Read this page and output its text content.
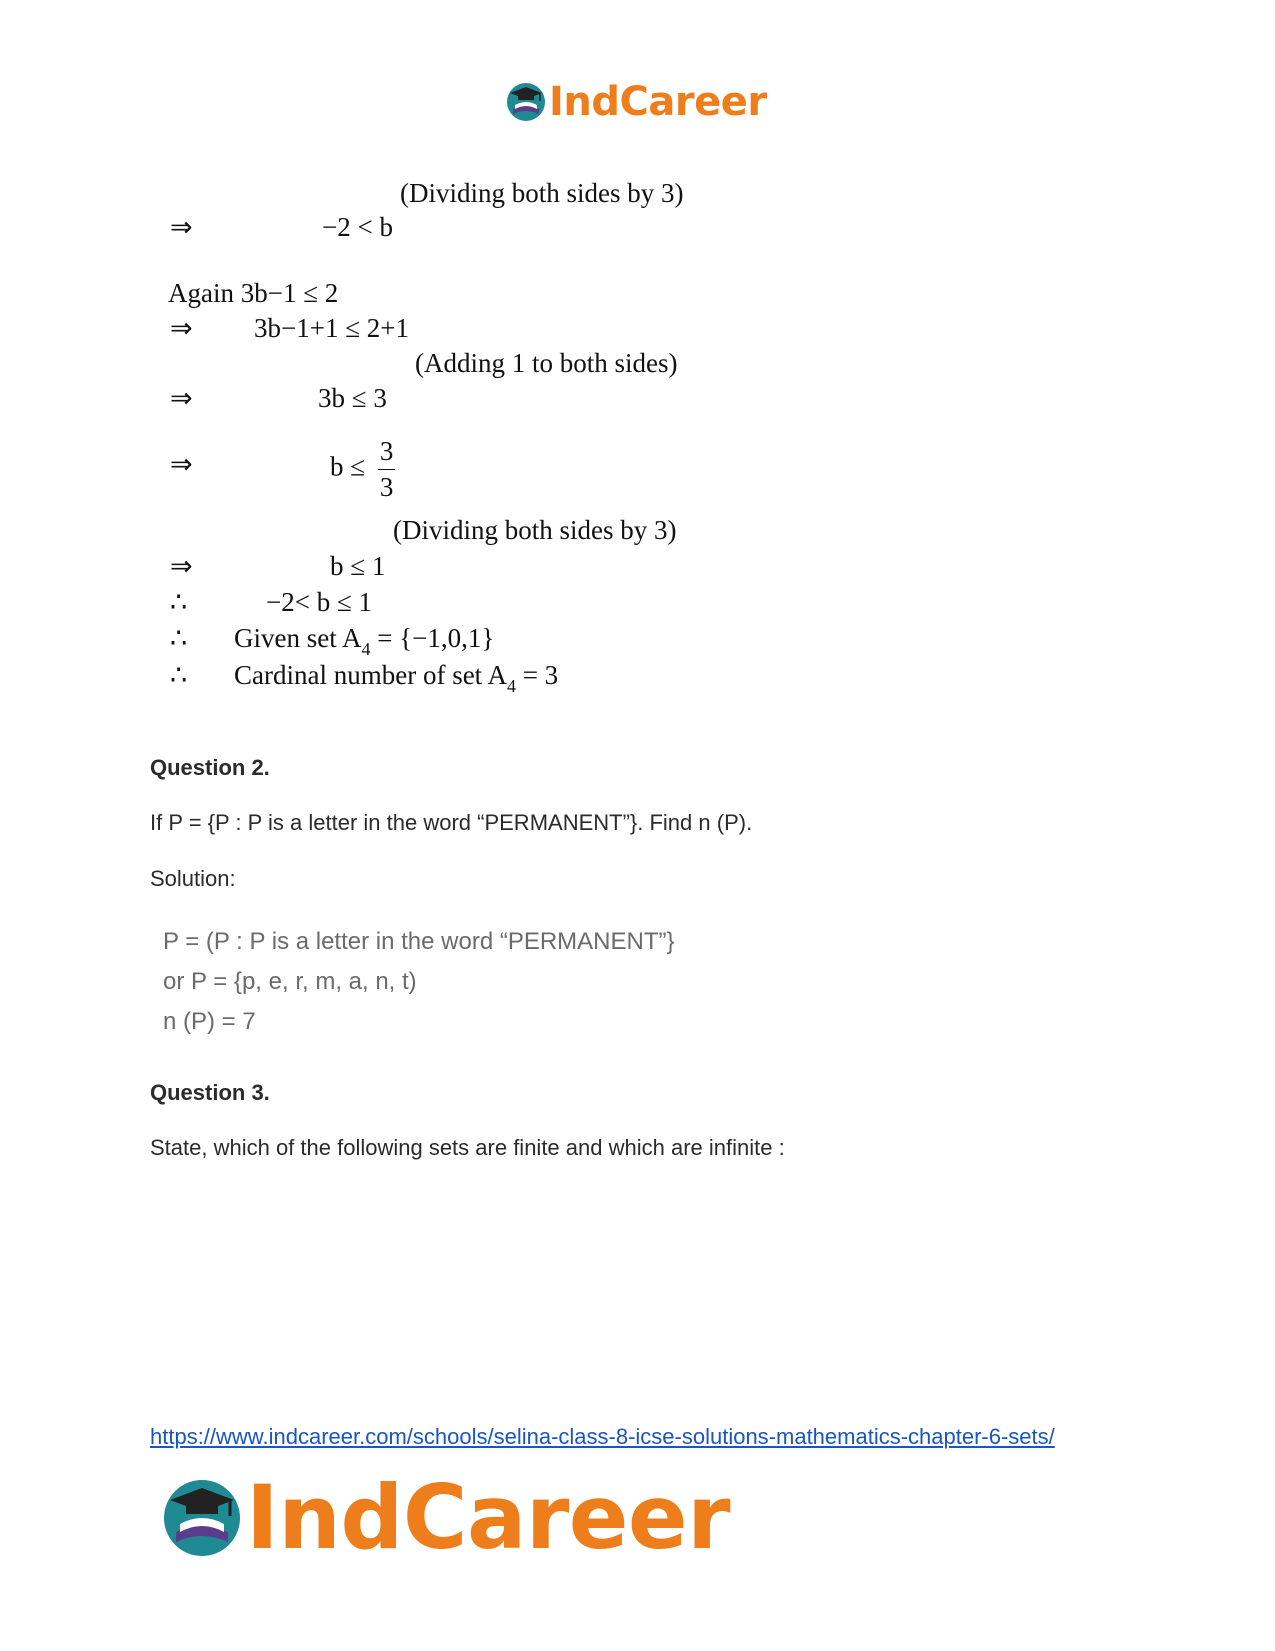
IndCareer
(Dividing both sides by 3)
⇒	−2 < b
Again 3b−1 ≤ 2
⇒ 3b−1+1 ≤ 2+1
(Adding 1 to both sides)
⇒	3b ≤ 3
⇒	$b \le \frac{3}{3}$
(Dividing both sides by 3)
⇒	b ≤ 1
∴	−2< b ≤ 1
∴ Given set $A_4 = \{-1,0,1\}$
∴ Cardinal number of set $A_4 = 3$
Question 2.
If P = {P : P is a letter in the word “PERMANENT”}. Find n (P).
Solution:
P = (P : P is a letter in the word “PERMANENT”}
or P = {p, e, r, m, a, n, t)
n (P) = 7
Question 3.
State, which of the following sets are finite and which are infinite :
https://www.indcareer.com/schools/selina-class-8-icse-solutions-mathematics-chapter-6-sets/
IndCareer
